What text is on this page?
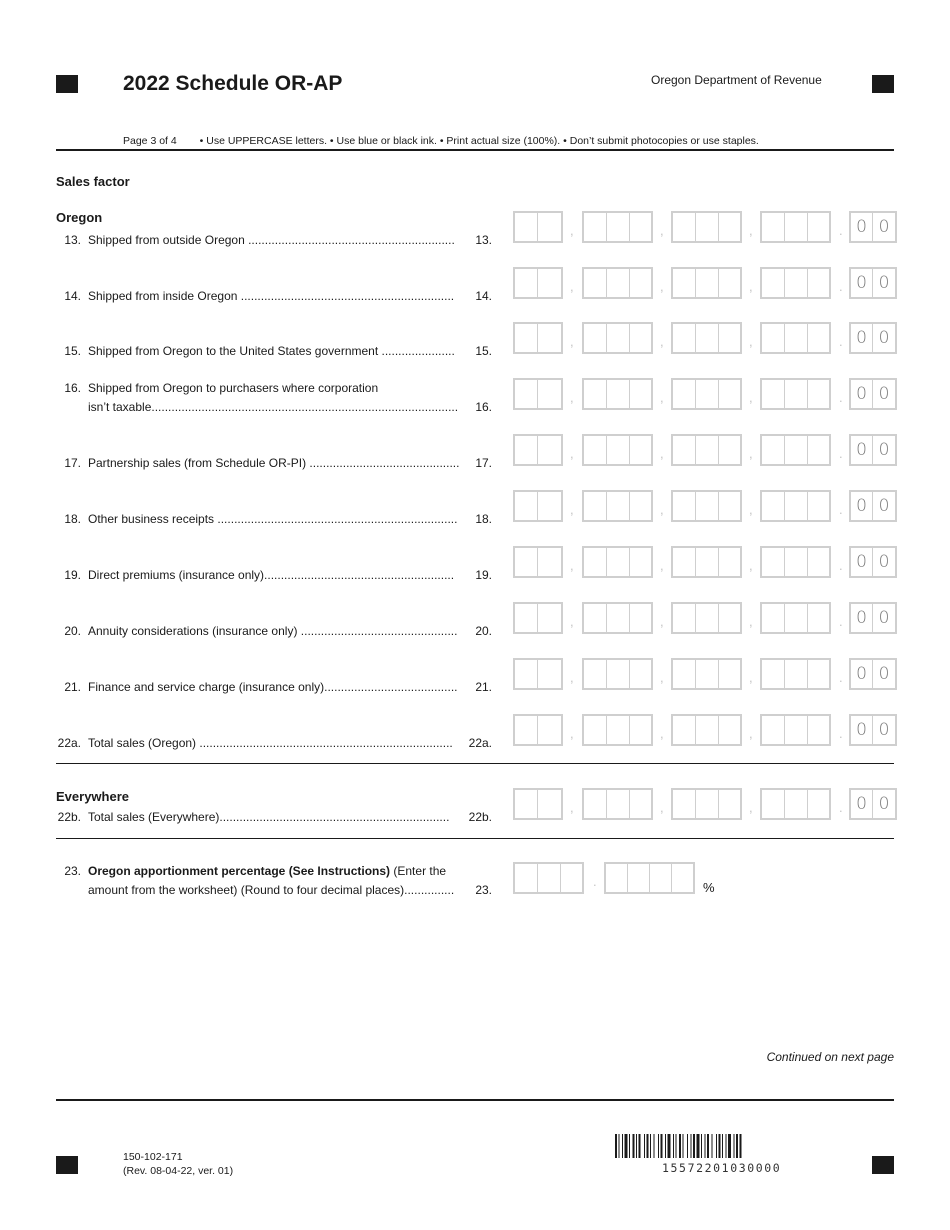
2022 Schedule OR-AP	Oregon Department of Revenue
Page 3 of 4 • Use UPPERCASE letters. • Use blue or black ink. • Print actual size (100%). • Don’t submit photocopies or use staples.
Sales factor
Oregon
13. Shipped from outside Oregon ..............................................................	13.
,	,	,	. 0 0
14. Shipped from inside Oregon ................................................................	14.
,	,	,	. 0 0
15. Shipped from Oregon to the United States government ......................	15.
,	,	,	. 0 0
16. Shipped from Oregon to purchasers where corporation
isn’t taxable............................................................................................	16.
,	,	,	. 0 0
17. Partnership sales (from Schedule OR-PI) .............................................	17.
,	,	,	. 0 0
18. Other business receipts ........................................................................	18.
,	,	,	. 0 0
19. Direct premiums (insurance only).........................................................	19.
,	,	,	. 0 0
20. Annuity considerations (insurance only) ...............................................	20.
,	,	,	. 0 0
21. Finance and service charge (insurance only)........................................	21.
,	,	,	. 0 0
22a. Total sales (Oregon) ............................................................................	22a.
,	,	,	. 0 0
22b. Total sales (Everywhere).....................................................................	22b.
,	,	,	. 0 0
Everywhere
23. Oregon apportionment percentage (See Instructions) (Enter the
amount from the worksheet) (Round to four decimal places)...............	23.
.	%
Continued on next page
150-102-171
(Rev. 08-04-22, ver. 01)	15572201030000
